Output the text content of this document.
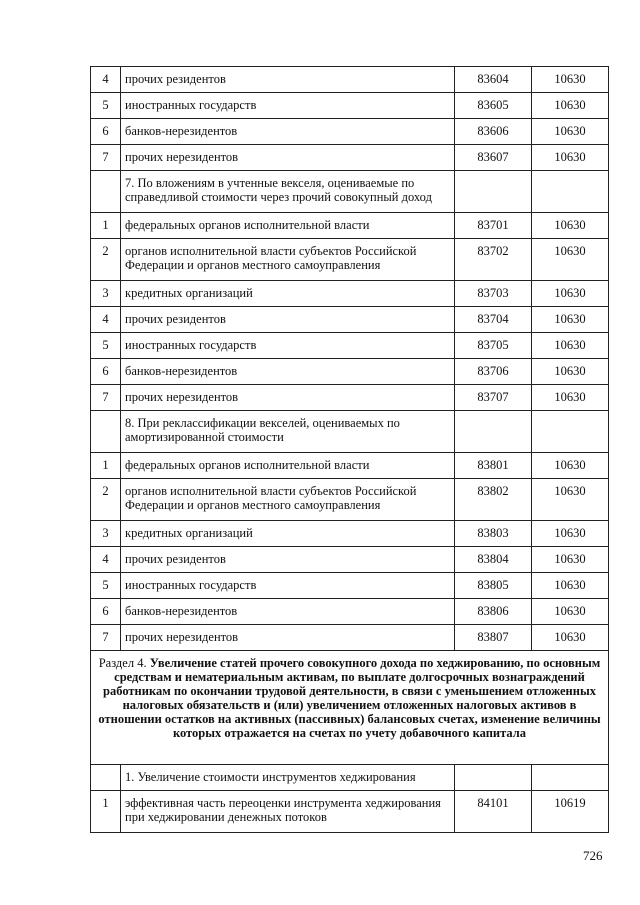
4	прочих резидентов	83604	10630
5	иностранных государств	83605	10630
6	банков-нерезидентов	83606	10630
7	прочих нерезидентов	83607	10630
	7. По вложениям в учтенные векселя, оцениваемые по справедливой стоимости через прочий совокупный доход		
1	федеральных органов исполнительной власти	83701	10630
2	органов исполнительной власти субъектов Российской Федерации и органов местного самоуправления	83702	10630
3	кредитных организаций	83703	10630
4	прочих резидентов	83704	10630
5	иностранных государств	83705	10630
6	банков-нерезидентов	83706	10630
7	прочих нерезидентов	83707	10630
	8. При реклассификации векселей, оцениваемых по амортизированной стоимости		
1	федеральных органов исполнительной власти	83801	10630
2	органов исполнительной власти субъектов Российской Федерации и органов местного самоуправления	83802	10630
3	кредитных организаций	83803	10630
4	прочих резидентов	83804	10630
5	иностранных государств	83805	10630
6	банков-нерезидентов	83806	10630
7	прочих нерезидентов	83807	10630
Раздел 4. Увеличение статей прочего совокупного дохода по хеджированию, по основным средствам и нематериальным активам, по выплате долгосрочных вознаграждений работникам по окончании трудовой деятельности, в связи с уменьшением отложенных налоговых обязательств и (или) увеличением отложенных налоговых активов в отношении остатков на активных (пассивных) балансовых счетах, изменение величины которых отражается на счетах по учету добавочного капитала			
	1. Увеличение стоимости инструментов хеджирования		
1	эффективная часть переоценки инструмента хеджирования при хеджировании денежных потоков	84101	10619
726
